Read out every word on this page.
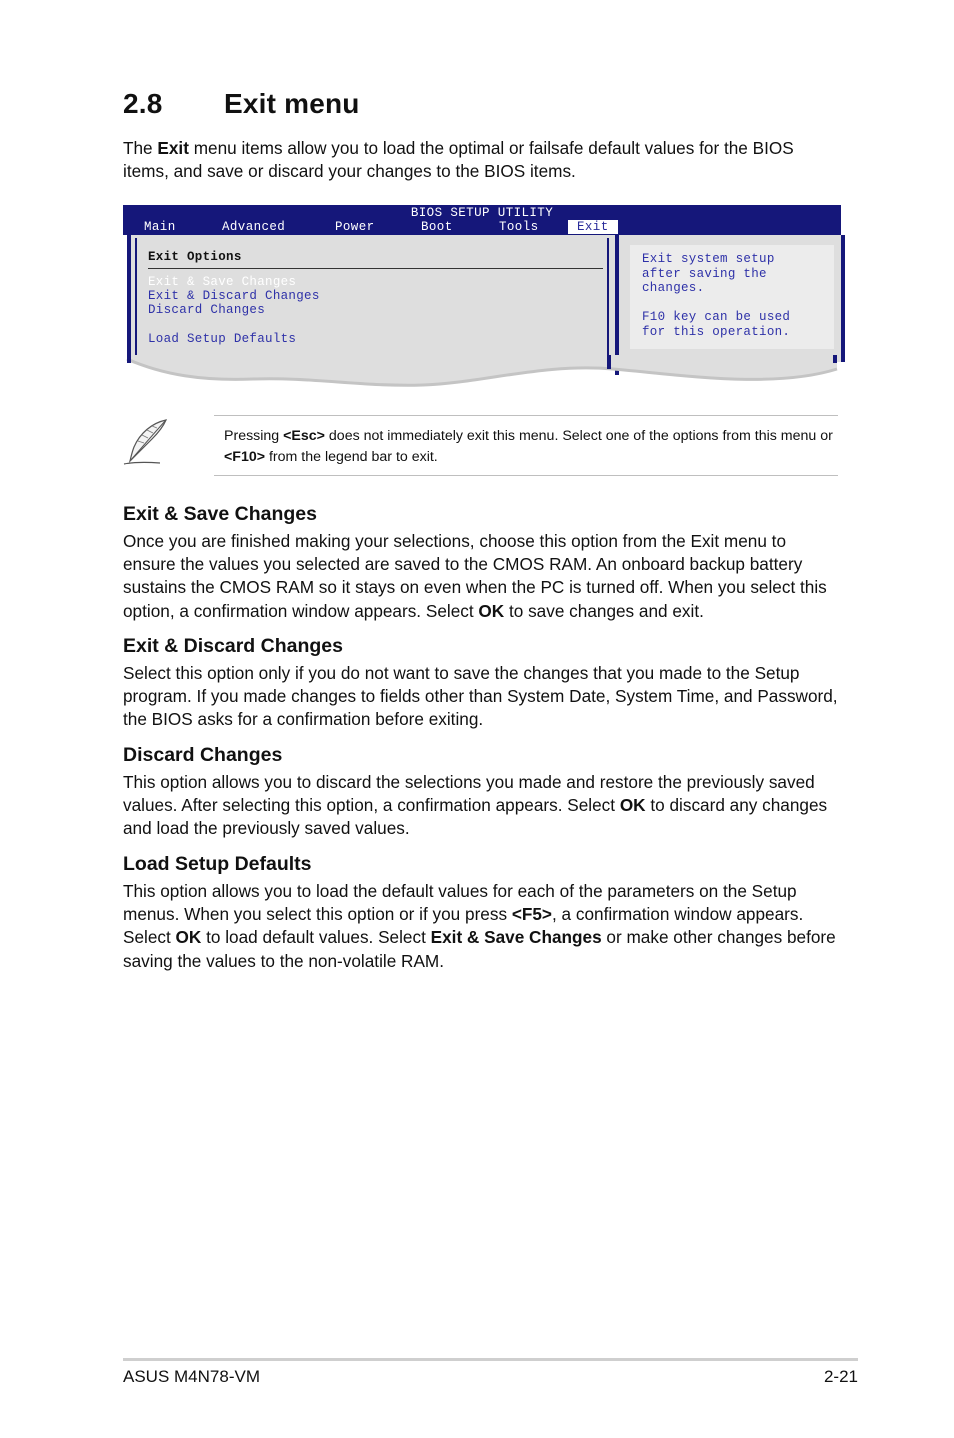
2.8 Exit menu

The Exit menu items allow you to load the optimal or failsafe default values for the BIOS items, and save or discard your changes to the BIOS items.

BIOS SETUP UTILITY
Main	Advanced	Power	Boot	Tools	Exit
Exit Options
Exit & Save Changes
Exit & Discard Changes
Discard Changes
Load Setup Defaults
Exit system setup
after saving the
changes.
F10 key can be used
for this operation.
Pressing <Esc> does not immediately exit this menu. Select one of the options from this menu or <F10> from the legend bar to exit.
Exit & Save Changes

Once you are finished making your selections, choose this option from the Exit menu to ensure the values you selected are saved to the CMOS RAM. An onboard backup battery sustains the CMOS RAM so it stays on even when the PC is turned off. When you select this option, a confirmation window appears. Select OK to save changes and exit.

Exit & Discard Changes

Select this option only if you do not want to save the changes that you made to the Setup program. If you made changes to fields other than System Date, System Time, and Password, the BIOS asks for a confirmation before exiting.

Discard Changes

This option allows you to discard the selections you made and restore the previously saved values. After selecting this option, a confirmation appears. Select OK to discard any changes and load the previously saved values.

Load Setup Defaults

This option allows you to load the default values for each of the parameters on the Setup menus. When you select this option or if you press <F5>, a confirmation window appears. Select OK to load default values. Select Exit & Save Changes or make other changes before saving the values to the non-volatile RAM.

ASUS M4N78-VM	2-21
